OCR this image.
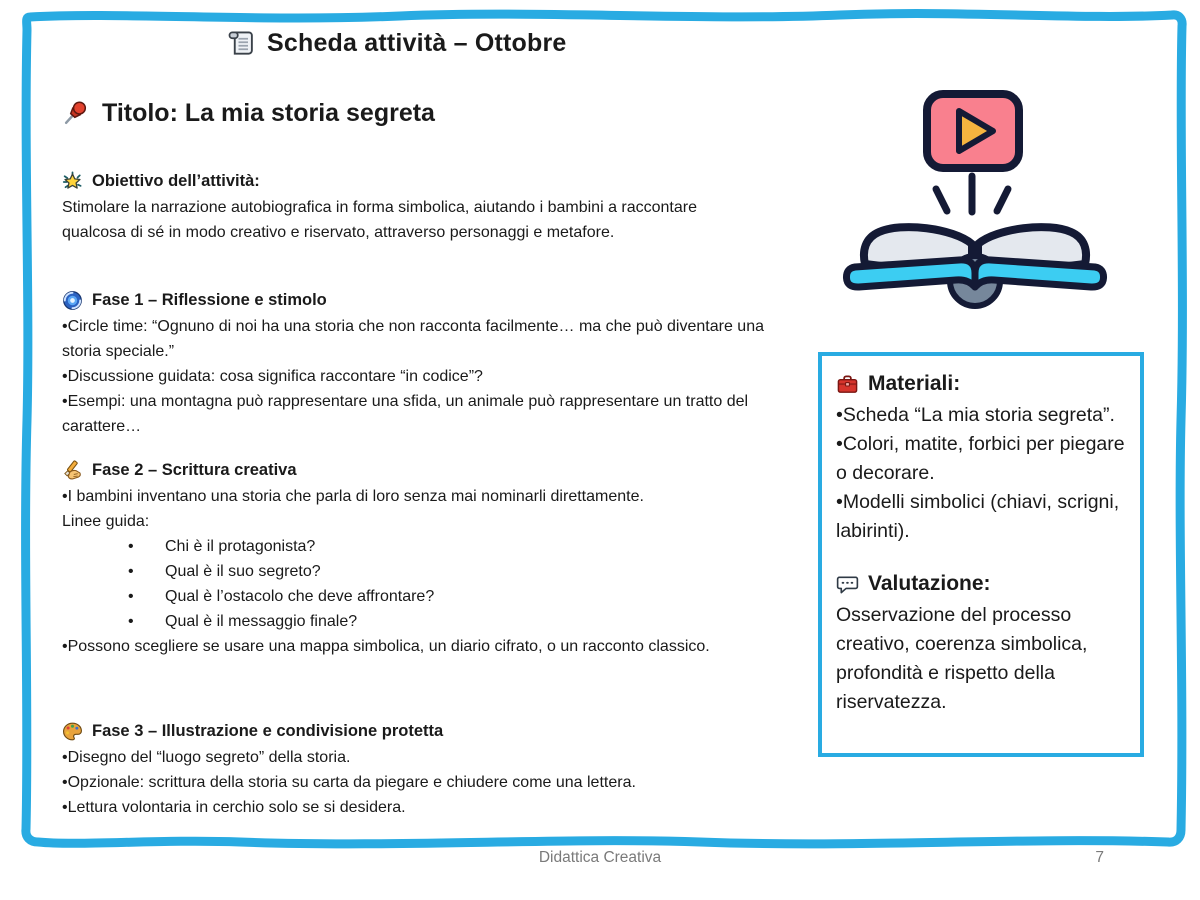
Scheda attività – Ottobre
Titolo: La mia storia segreta
Obiettivo dell’attività:

Stimolare la narrazione autobiografica in forma simbolica, aiutando i bambini a raccontare qualcosa di sé in modo creativo e riservato, attraverso personaggi e metafore.

Fase 1 – Riflessione e stimolo

•Circle time: “Ognuno di noi ha una storia che non racconta facilmente… ma che può diventare una storia speciale.”

•Discussione guidata: cosa significa raccontare “in codice”?

•Esempi: una montagna può rappresentare una sfida, un animale può rappresentare un tratto del carattere…

Fase 2 – Scrittura creativa

•I bambini inventano una storia che parla di loro senza mai nominarli direttamente.

Linee guida:

•	Chi è il protagonista?
•	Qual è il suo segreto?
•	Qual è l’ostacolo che deve affrontare?
•	Qual è il messaggio finale?

•Possono scegliere se usare una mappa simbolica, un diario cifrato, o un racconto classico.

Fase 3 – Illustrazione e condivisione protetta

•Disegno del “luogo segreto” della storia.

•Opzionale: scrittura della storia su carta da piegare e chiudere come una lettera.

•Lettura volontaria in cerchio solo se si desidera.

Materiali:

•Scheda “La mia storia segreta”.

•Colori, matite, forbici per piegare o decorare.

•Modelli simbolici (chiavi, scrigni, labirinti).

Valutazione:

Osservazione del processo creativo, coerenza simbolica, profondità e rispetto della riservatezza.

Didattica Creativa	7
